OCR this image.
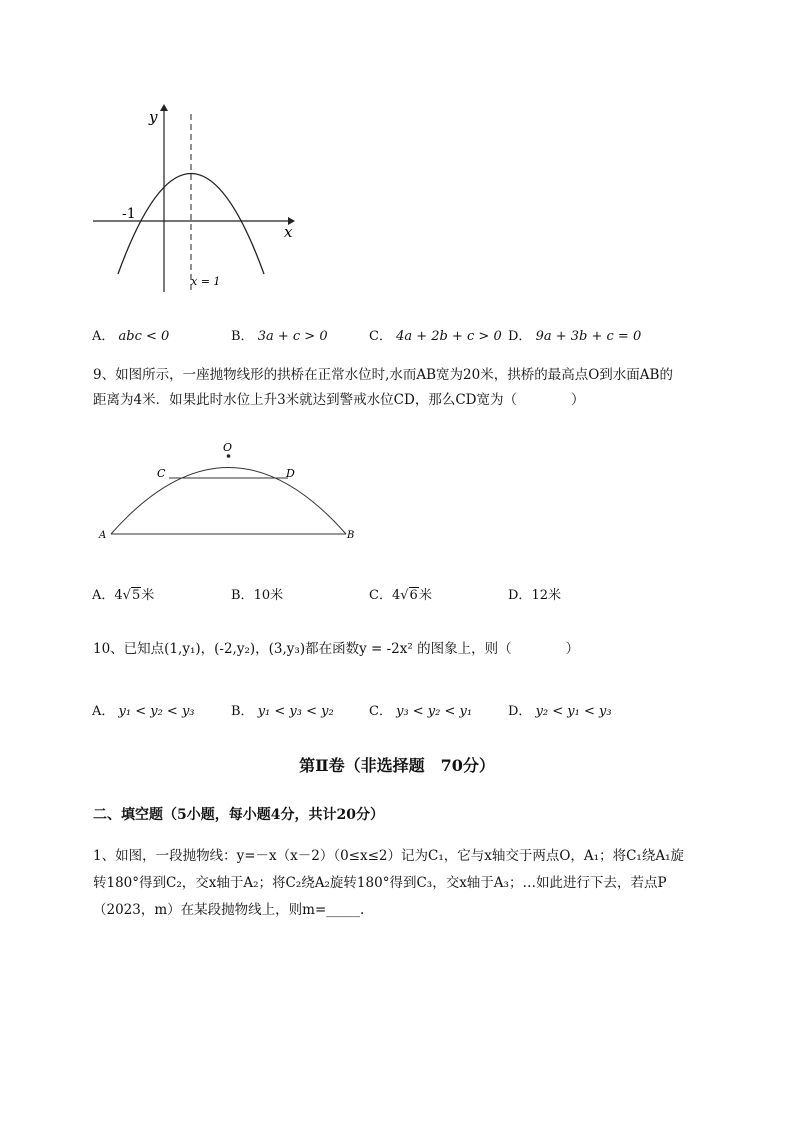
y
x
-1
x = 1
A． abc < 0	B． 3a + c > 0	C． 4a + 2b + c > 0 D． 9a + 3b + c = 0
9、如图所示，一座抛物线形的拱桥在正常水位时,水而AB宽为20米，拱桥的最高点O到水面AB的
距离为4米．如果此时水位上升3米就达到警戒水位CD，那么CD宽为（　　　　）
O
C	D
A	B
A．4√5米	B．10米	C．4√6米	D．12米
10、已知点(1,y₁)，(-2,y₂)，(3,y₃)都在函数y = -2x² 的图象上，则（　　　　）
A． y₁ < y₂ < y₃	B． y₁ < y₃ < y₂	C． y₃ < y₂ < y₁	D． y₂ < y₁ < y₃
第Ⅱ卷（非选择题　70分）
二、填空题（5小题，每小题4分，共计20分）
1、如图，一段抛物线：y=－x（x－2）（0≤x≤2）记为C₁，它与x轴交于两点O，A₁；将C₁绕A₁旋
转180°得到C₂，交x轴于A₂；将C₂绕A₂旋转180°得到C₃，交x轴于A₃；…如此进行下去，若点P
（2023，m）在某段抛物线上，则m=_____.
